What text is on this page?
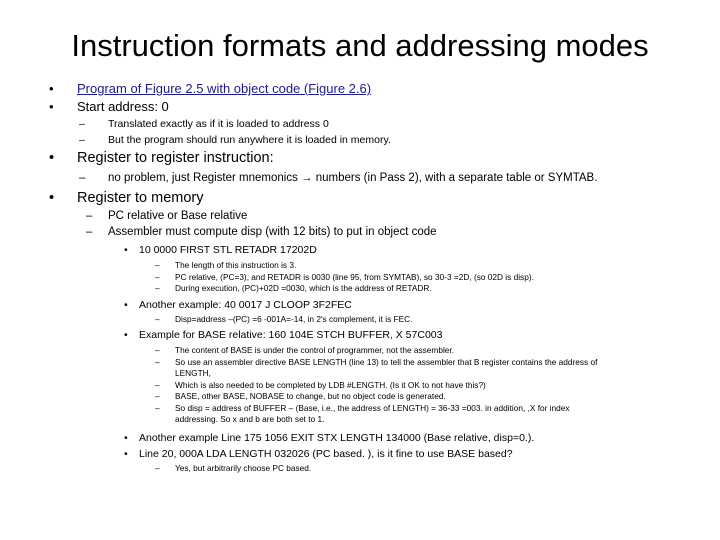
Instruction formats and addressing modes
• Program of Figure 2.5 with object code (Figure 2.6)
• Start address: 0
– Translated exactly as if it is loaded to address 0
– But the program should run anywhere it is loaded in memory.
• Register to register instruction:
– no problem, just Register mnemonics → numbers (in Pass 2), with a separate table or SYMTAB.
• Register to memory
– PC relative or Base relative
– Assembler must compute disp (with 12 bits) to put in object code
• 10 0000 FIRST STL RETADR 17202D
– The length of this instruction is 3.
– PC relative, (PC=3), and RETADR is 0030 (line 95, from SYMTAB), so 30-3 =2D, (so 02D is disp).
– During execution, (PC)+02D =0030, which is the address of RETADR.
• Another example: 40 0017 J CLOOP 3F2FEC
– Disp=address –(PC) =6 -001A=-14, in 2's complement, it is FEC.
• Example for BASE relative: 160 104E STCH BUFFER, X 57C003
– The content of BASE is under the control of programmer, not the assembler.
– So use an assembler directive BASE LENGTH (line 13) to tell the assembler that B register contains the address of
LENGTH,
– Which is also needed to be completed by LDB #LENGTH. (Is it OK to not have this?)
– BASE, other BASE, NOBASE to change, but no object code is generated.
– So disp = address of BUFFER – (Base, i.e., the address of LENGTH) = 36-33 =003. in addition, ,X for index
addressing. So x and b are both set to 1.
• Another example Line 175 1056 EXIT STX LENGTH 134000 (Base relative, disp=0.).
• Line 20, 000A LDA LENGTH 032026 (PC based. ), is it fine to use BASE based?
– Yes, but arbitrarily choose PC based.
